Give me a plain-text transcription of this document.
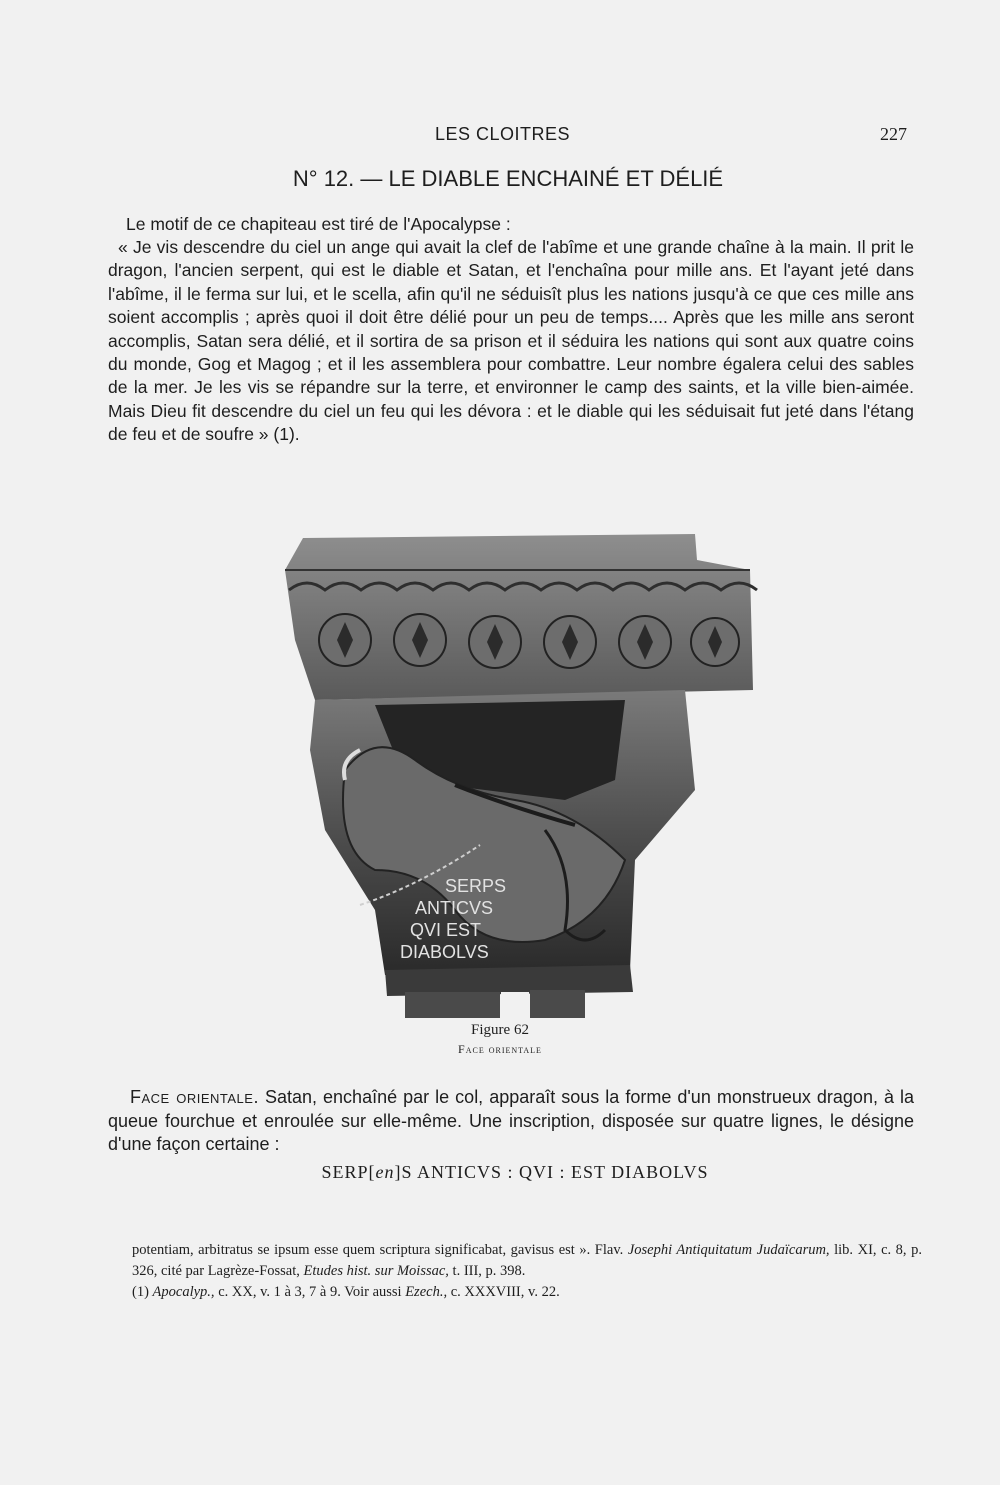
LES CLOITRES	227
N° 12. — LE DIABLE ENCHAINÉ ET DÉLIÉ
Le motif de ce chapiteau est tiré de l'Apocalypse :
« Je vis descendre du ciel un ange qui avait la clef de l'abîme et une grande chaîne à la main. Il prit le dragon, l'ancien serpent, qui est le diable et Satan, et l'enchaîna pour mille ans. Et l'ayant jeté dans l'abîme, il le ferma sur lui, et le scella, afin qu'il ne séduisît plus les nations jusqu'à ce que ces mille ans soient accomplis ; après quoi il doit être délié pour un peu de temps.... Après que les mille ans seront accomplis, Satan sera délié, et il sortira de sa prison et il séduira les nations qui sont aux quatre coins du monde, Gog et Magog ; et il les assemblera pour combattre. Leur nombre égalera celui des sables de la mer. Je les vis se répandre sur la terre, et environner le camp des saints, et la ville bien-aimée. Mais Dieu fit descendre du ciel un feu qui les dévora : et le diable qui les séduisait fut jeté dans l'étang de feu et de soufre » (1).
SERPS
ANTICVS
QVI EST
DIABOLVS
Figure 62
Face orientale
Face orientale. Satan, enchaîné par le col, apparaît sous la forme d'un monstrueux dragon, à la queue fourchue et enroulée sur elle-même. Une inscription, disposée sur quatre lignes, le désigne d'une façon certaine :
SERP[en]S ANTICVS : QVI : EST DIABOLVS

potentiam, arbitratus se ipsum esse quem scriptura significabat, gavisus est ». Flav. Josephi Antiquitatum Judaïcarum, lib. XI, c. 8, p. 326, cité par Lagrèze-Fossat, Etudes hist. sur Moissac, t. III, p. 398.

(1) Apocalyp., c. XX, v. 1 à 3, 7 à 9. Voir aussi Ezech., c. XXXVIII, v. 22.
